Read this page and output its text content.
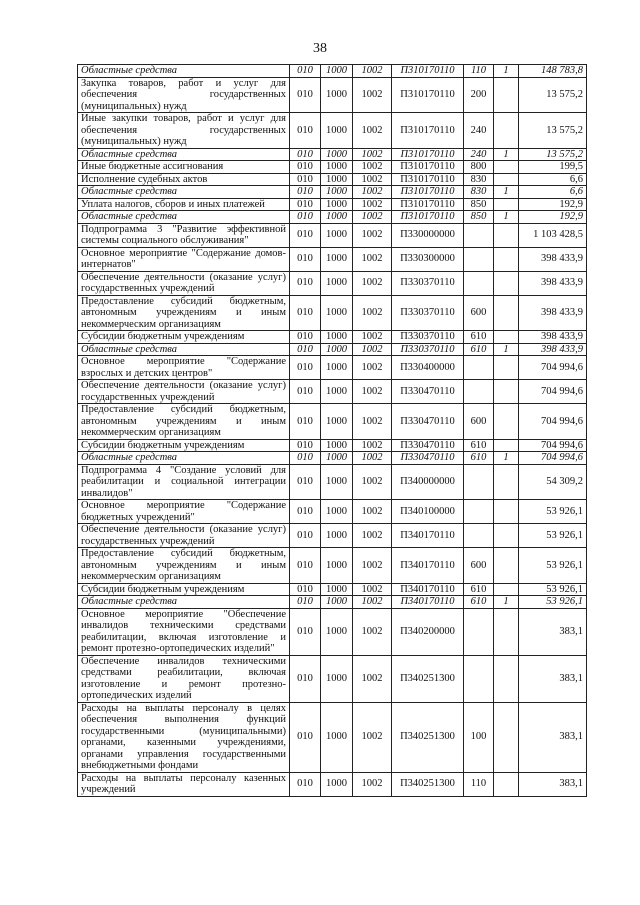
38
Областные средства	010	1000	1002	П310170110	110	1	148 783,8
Закупка товаров, работ и услуг для обеспечения государственных (муниципальных) нужд	010	1000	1002	П310170110	200		13 575,2
Иные закупки товаров, работ и услуг для обеспечения государственных (муниципальных) нужд	010	1000	1002	П310170110	240		13 575,2
Областные средства	010	1000	1002	П310170110	240	1	13 575,2
Иные бюджетные ассигнования	010	1000	1002	П310170110	800		199,5
Исполнение судебных актов	010	1000	1002	П310170110	830		6,6
Областные средства	010	1000	1002	П310170110	830	1	6,6
Уплата налогов, сборов и иных платежей	010	1000	1002	П310170110	850		192,9
Областные средства	010	1000	1002	П310170110	850	1	192,9
Подпрограмма 3 "Развитие эффективной системы социального обслуживания"	010	1000	1002	П330000000			1 103 428,5
Основное мероприятие "Содержание домов-интернатов"	010	1000	1002	П330300000			398 433,9
Обеспечение деятельности (оказание услуг) государственных учреждений	010	1000	1002	П330370110			398 433,9
Предоставление субсидий бюджетным, автономным учреждениям и иным некоммерческим организациям	010	1000	1002	П330370110	600		398 433,9
Субсидии бюджетным учреждениям	010	1000	1002	П330370110	610		398 433,9
Областные средства	010	1000	1002	П330370110	610	1	398 433,9
Основное мероприятие "Содержание взрослых и детских центров"	010	1000	1002	П330400000			704 994,6
Обеспечение деятельности (оказание услуг) государственных учреждений	010	1000	1002	П330470110			704 994,6
Предоставление субсидий бюджетным, автономным учреждениям и иным некоммерческим организациям	010	1000	1002	П330470110	600		704 994,6
Субсидии бюджетным учреждениям	010	1000	1002	П330470110	610		704 994,6
Областные средства	010	1000	1002	П330470110	610	1	704 994,6
Подпрограмма 4 "Создание условий для реабилитации и социальной интеграции инвалидов"	010	1000	1002	П340000000			54 309,2
Основное мероприятие "Содержание бюджетных учреждений"	010	1000	1002	П340100000			53 926,1
Обеспечение деятельности (оказание услуг) государственных учреждений	010	1000	1002	П340170110			53 926,1
Предоставление субсидий бюджетным, автономным учреждениям и иным некоммерческим организациям	010	1000	1002	П340170110	600		53 926,1
Субсидии бюджетным учреждениям	010	1000	1002	П340170110	610		53 926,1
Областные средства	010	1000	1002	П340170110	610	1	53 926,1
Основное мероприятие "Обеспечение инвалидов техническими средствами реабилитации, включая изготовление и ремонт протезно-ортопедических изделий"	010	1000	1002	П340200000			383,1
Обеспечение инвалидов техническими средствами реабилитации, включая изготовление и ремонт протезно-ортопедических изделий	010	1000	1002	П340251300			383,1
Расходы на выплаты персоналу в целях обеспечения выполнения функций государственными (муниципальными) органами, казенными учреждениями, органами управления государственными внебюджетными фондами	010	1000	1002	П340251300	100		383,1
Расходы на выплаты персоналу казенных учреждений	010	1000	1002	П340251300	110		383,1
